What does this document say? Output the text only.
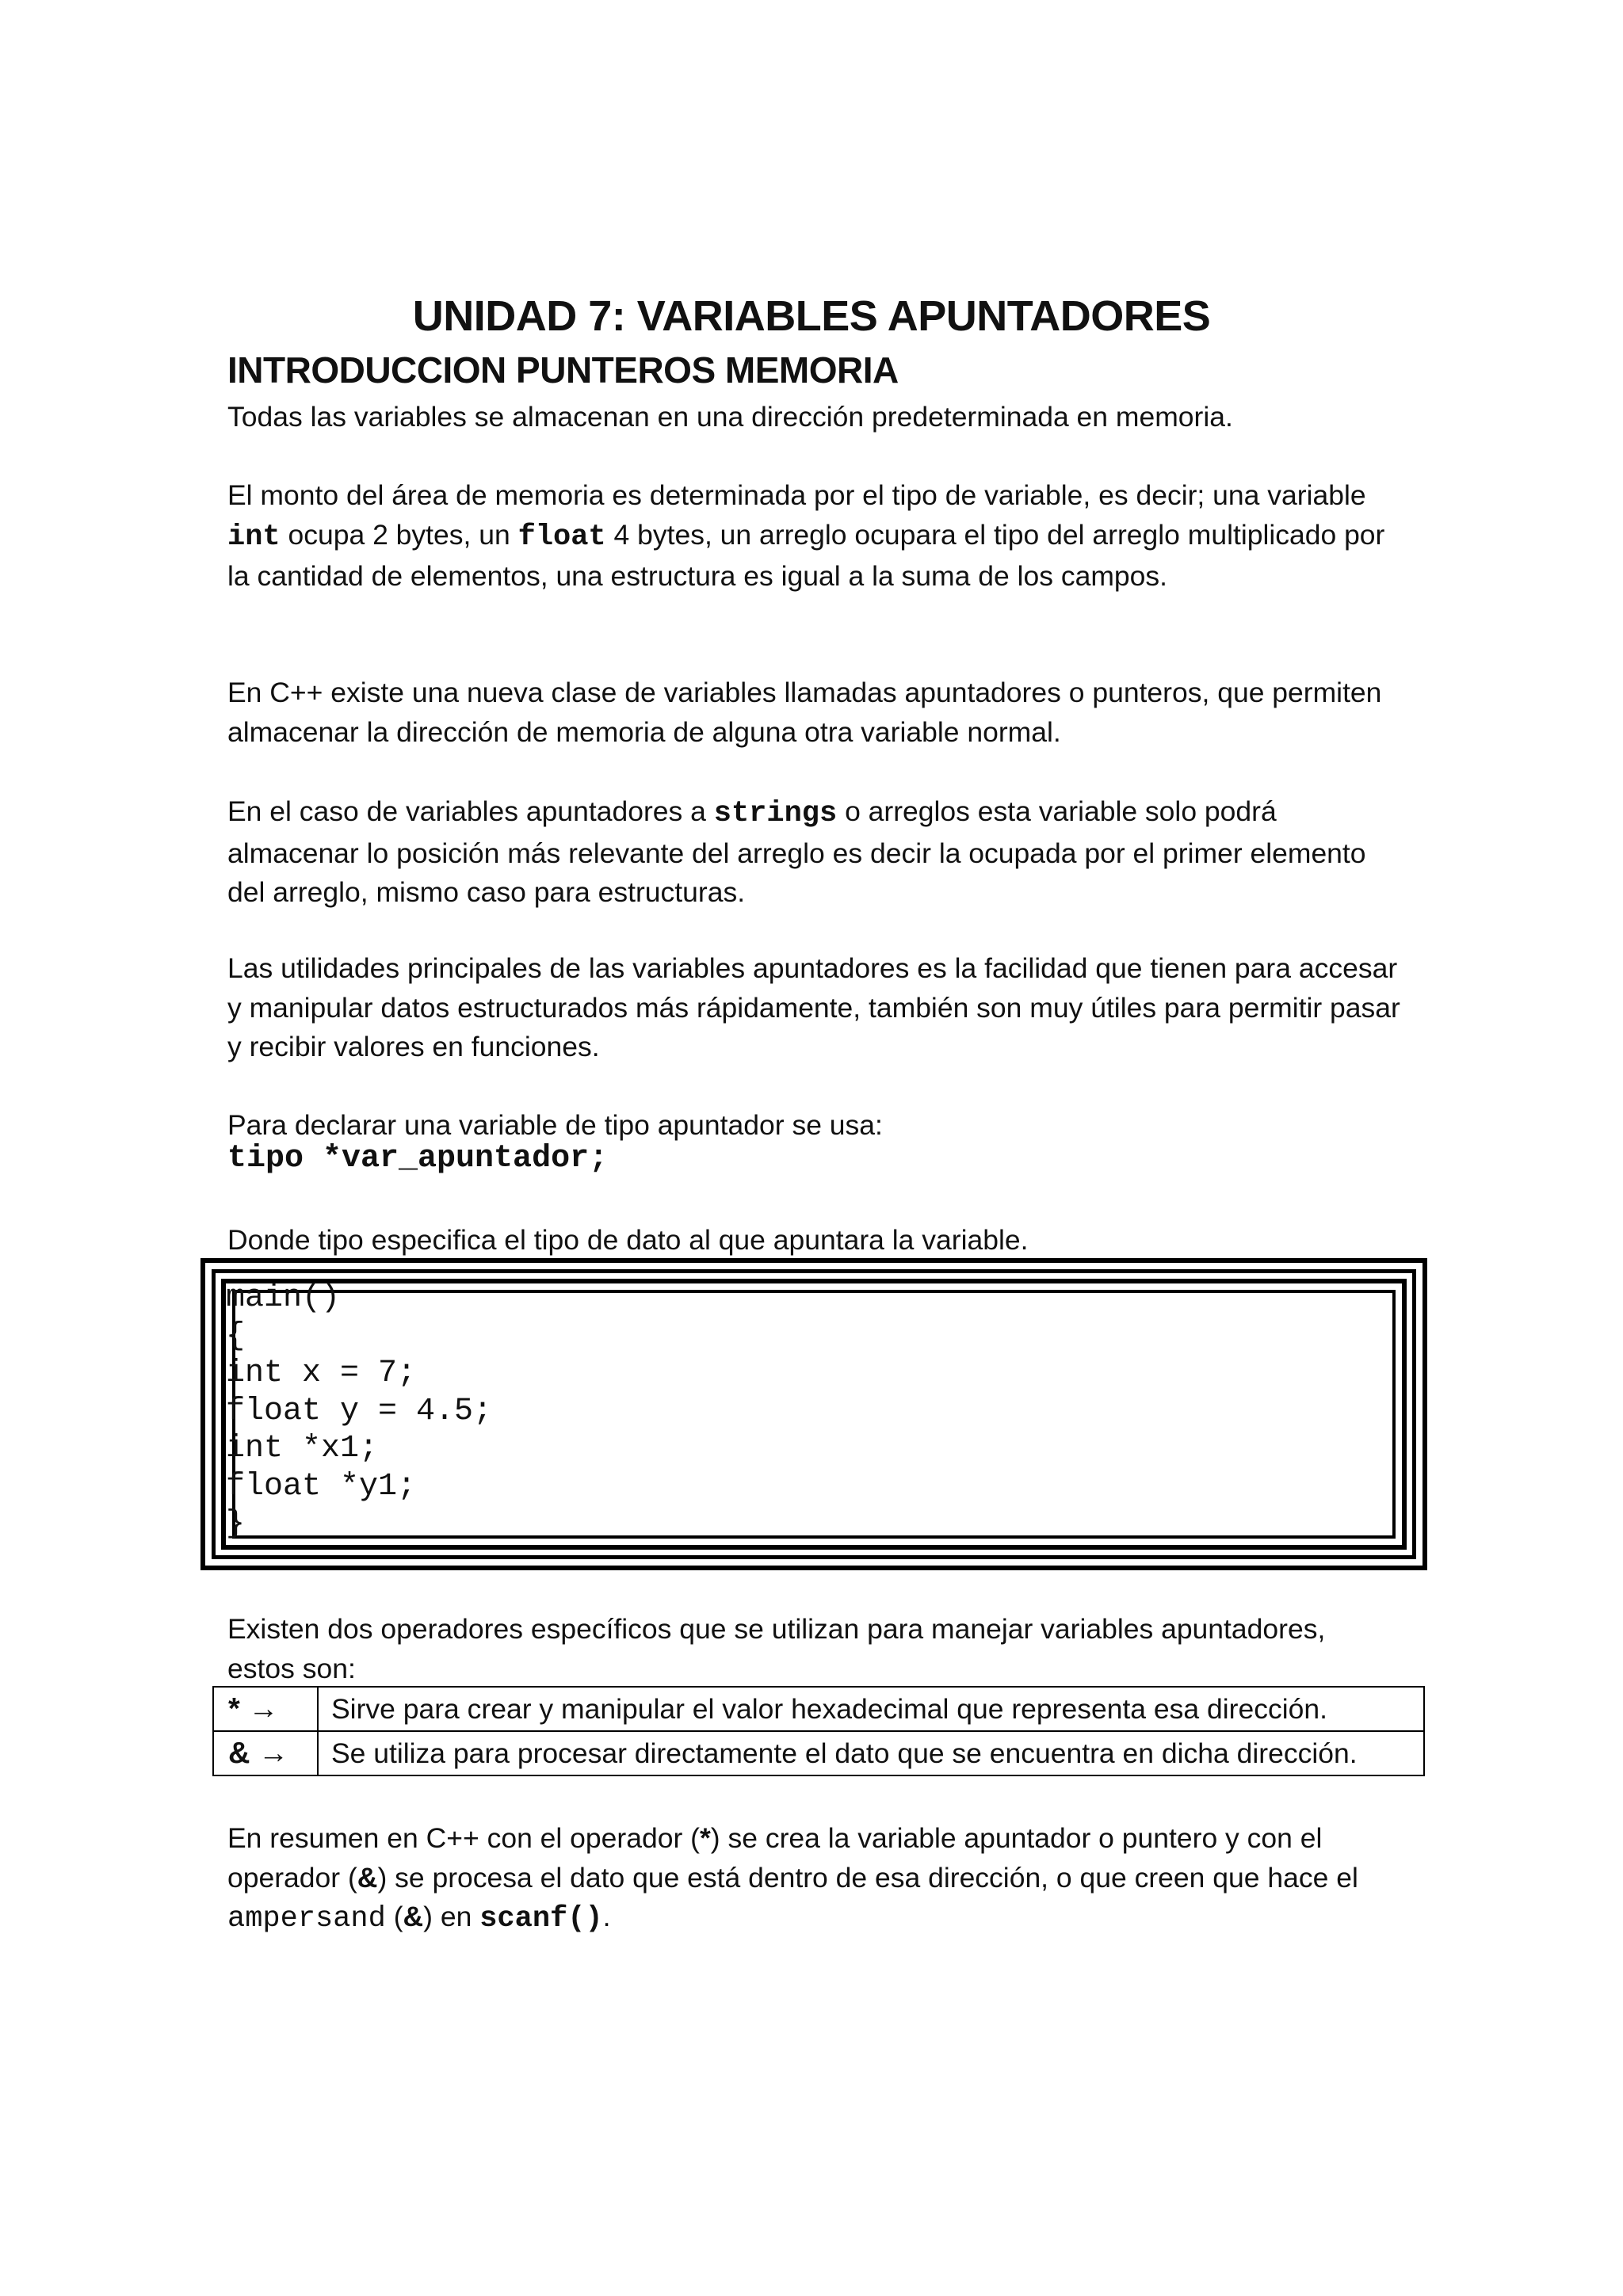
UNIDAD 7: VARIABLES APUNTADORES
INTRODUCCION PUNTEROS MEMORIA

Todas las variables se almacenan en una dirección predeterminada en memoria.

El monto del área de memoria es determinada por el tipo de variable, es decir; una variable int ocupa 2 bytes, un float 4 bytes, un arreglo ocupara el tipo del arreglo multiplicado por la cantidad de elementos, una estructura es igual a la suma de los campos.

En C++ existe una nueva clase de variables llamadas apuntadores o punteros, que permiten almacenar la dirección de memoria de alguna otra variable normal.

En el caso de variables apuntadores a strings o arreglos esta variable solo podrá almacenar lo posición más relevante del arreglo es decir la ocupada por el primer elemento del arreglo, mismo caso para estructuras.

Las utilidades principales de las variables apuntadores es la facilidad que tienen para accesar y manipular datos estructurados más rápidamente, también son muy útiles para permitir pasar y recibir valores en funciones.

Para declarar una variable de tipo apuntador se usa:

tipo *var_apuntador;

Donde tipo especifica el tipo de dato al que apuntara la variable.

main()
{
int x = 7;
float y = 4.5;
int *x1;
float *y1;
}

Existen dos operadores específicos que se utilizan para manejar variables apuntadores, estos son:

* →	Sirve para crear y manipular el valor hexadecimal que representa esa dirección.
& →	Se utiliza para procesar directamente el dato que se encuentra en dicha dirección.

En resumen en C++ con el operador (*) se crea la variable apuntador o puntero y con el operador (&) se procesa el dato que está dentro de esa dirección, o que creen que hace el ampersand (&) en scanf().
